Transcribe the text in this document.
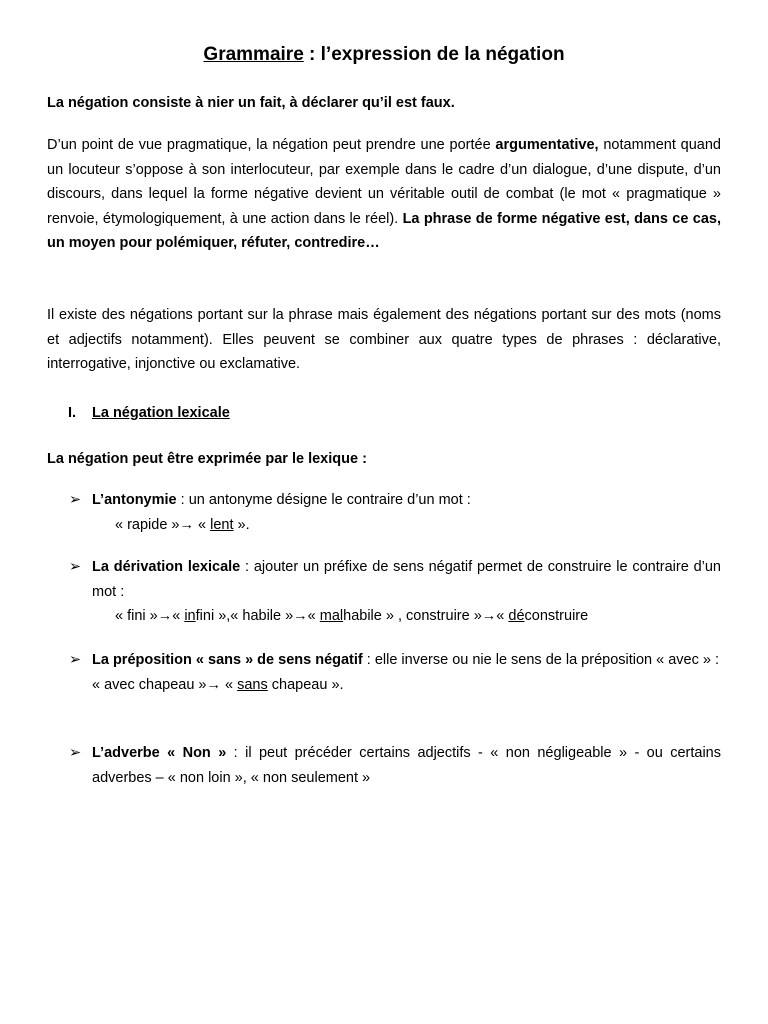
Grammaire : l’expression de la négation
La négation consiste à nier un fait, à déclarer qu’il est faux.
D’un point de vue pragmatique, la négation peut prendre une portée argumentative, notamment quand un locuteur s’oppose à son interlocuteur, par exemple dans le cadre d’un dialogue, d’une dispute, d’un discours, dans lequel la forme négative devient un véritable outil de combat (le mot « pragmatique » renvoie, étymologiquement, à une action dans le réel). La phrase de forme négative est, dans ce cas, un moyen pour polémiquer, réfuter, contredire…
Il existe des négations portant sur la phrase mais également des négations portant sur des mots (noms et adjectifs notamment). Elles peuvent se combiner aux quatre types de phrases : déclarative, interrogative, injonctive ou exclamative.
I. La négation lexicale
La négation peut être exprimée par le lexique :
➢ L’antonymie : un antonyme désigne le contraire d’un mot :
« rapide »→ « lent ».
➢ La dérivation lexicale : ajouter un préfixe de sens négatif permet de construire le contraire d’un mot :
« fini »→« infini »,« habile »→« malhabile » , construire »→« déconstruire
➢ La préposition « sans » de sens négatif : elle inverse ou nie le sens de la préposition « avec » :
« avec chapeau »→ « sans chapeau ».
➢ L’adverbe « Non » : il peut précéder certains adjectifs - « non négligeable » - ou certains adverbes – « non loin », « non seulement »
